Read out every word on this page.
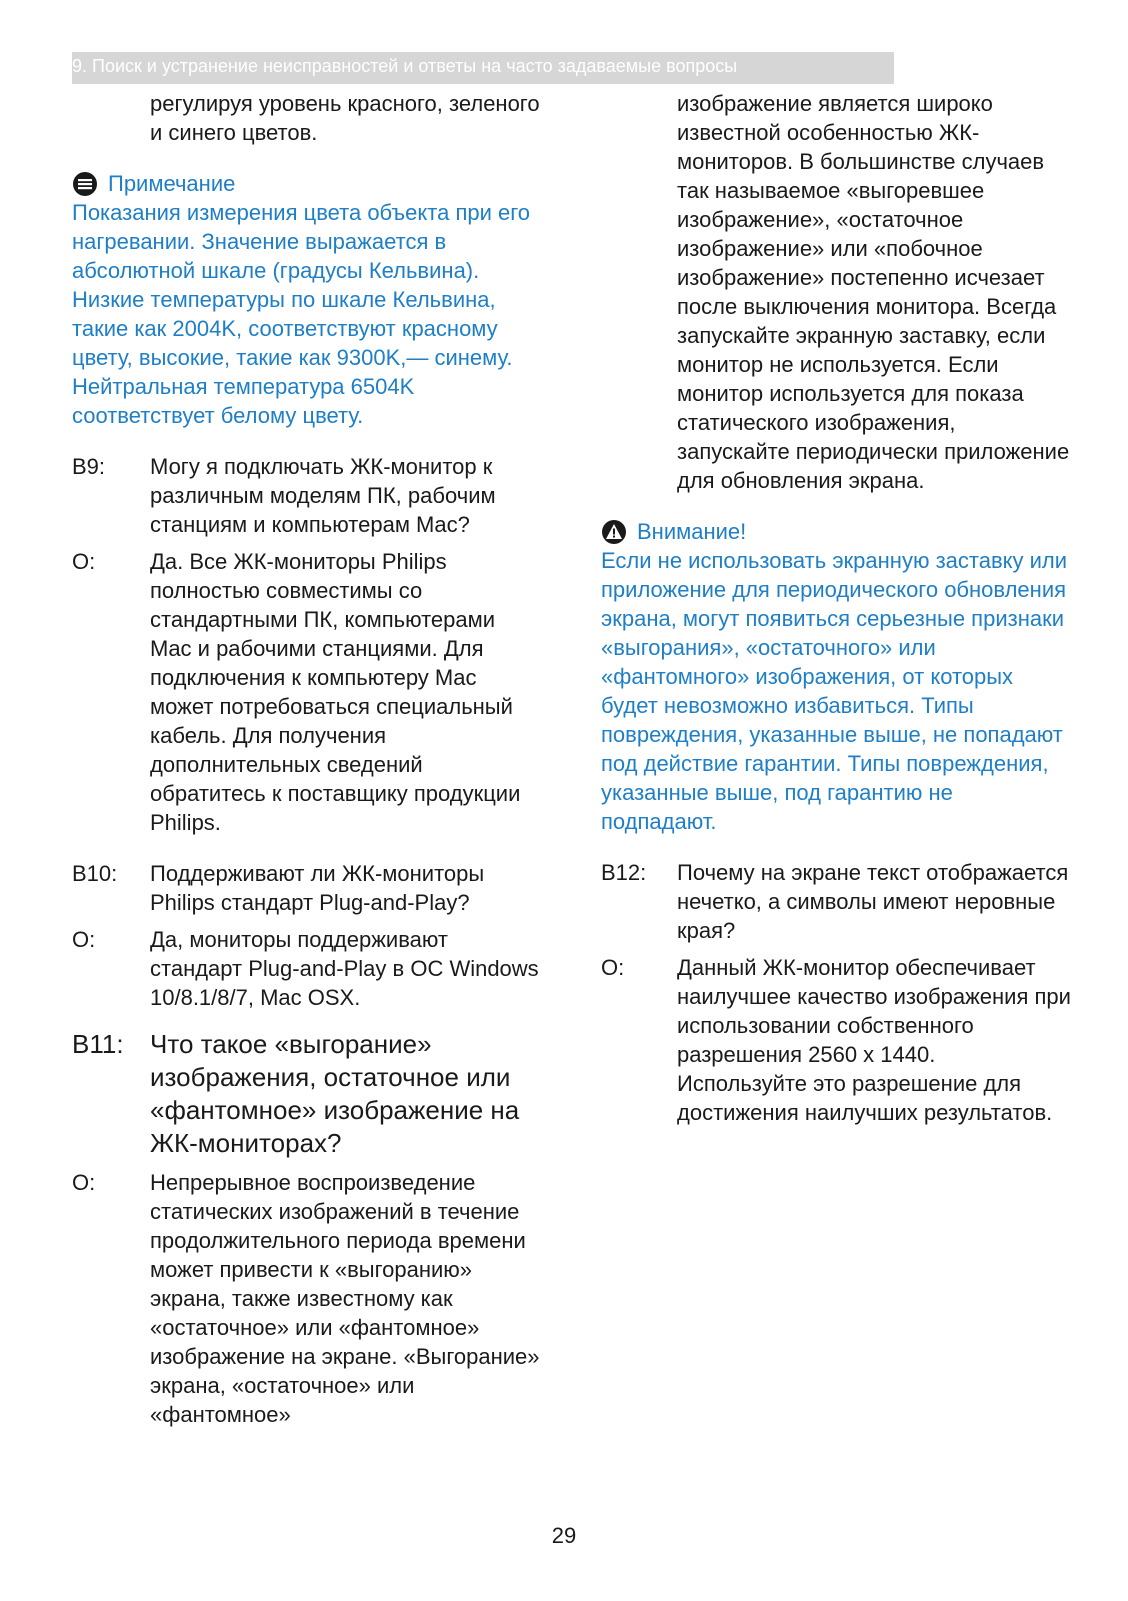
9. Поиск и устранение неисправностей и ответы на часто задаваемые вопросы

регулируя уровень красного, зеленого и синего цветов.

Примечание
Показания измерения цвета объекта при его нагревании. Значение выражается в абсолютной шкале (градусы Кельвина). Низкие температуры по шкале Кельвина, такие как 2004K, соответствуют красному цвету, высокие, такие как 9300K,— синему. Нейтральная температура 6504K соответствует белому цвету.
В9:	Могу я подключать ЖК-монитор к различным моделям ПК, рабочим станциям и компьютерам Mac?
О:	Да. Все ЖК-мониторы Philips полностью совместимы со стандартными ПК, компьютерами Mac и рабочими станциями. Для подключения к компьютеру Mac может потребоваться специальный кабель. Для получения дополнительных сведений обратитесь к поставщику продукции Philips.
В10:	Поддерживают ли ЖК-мониторы Philips стандарт Plug-and-Play?
О:	Да, мониторы поддерживают стандарт Plug-and-Play в ОС Windows 10/8.1/8/7, Mac OSX.
В11:	Что такое «выгорание» изображения, остаточное или «фантомное» изображение на ЖК-мониторах?
О:	Непрерывное воспроизведение статических изображений в течение продолжительного периода времени может привести к «выгоранию» экрана, также известному как «остаточное» или «фантомное» изображение на экране. «Выгорание» экрана, «остаточное» или «фантомное»

изображение является широко известной особенностью ЖК-мониторов. В большинстве случаев так называемое «выгоревшее изображение», «остаточное изображение» или «побочное изображение» постепенно исчезает после выключения монитора. Всегда запускайте экранную заставку, если монитор не используется. Если монитор используется для показа статического изображения, запускайте периодически приложение для обновления экрана.

Внимание!
Если не использовать экранную заставку или приложение для периодического обновления экрана, могут появиться серьезные признаки «выгорания», «остаточного» или «фантомного» изображения, от которых будет невозможно избавиться. Типы повреждения, указанные выше, не попадают под действие гарантии. Типы повреждения, указанные выше, под гарантию не подпадают.
В12:	Почему на экране текст отображается нечетко, а символы имеют неровные края?
О:	Данный ЖК-монитор обеспечивает наилучшее качество изображения при использовании собственного разрешения 2560 x 1440. Используйте это разрешение для достижения наилучших результатов.
29
